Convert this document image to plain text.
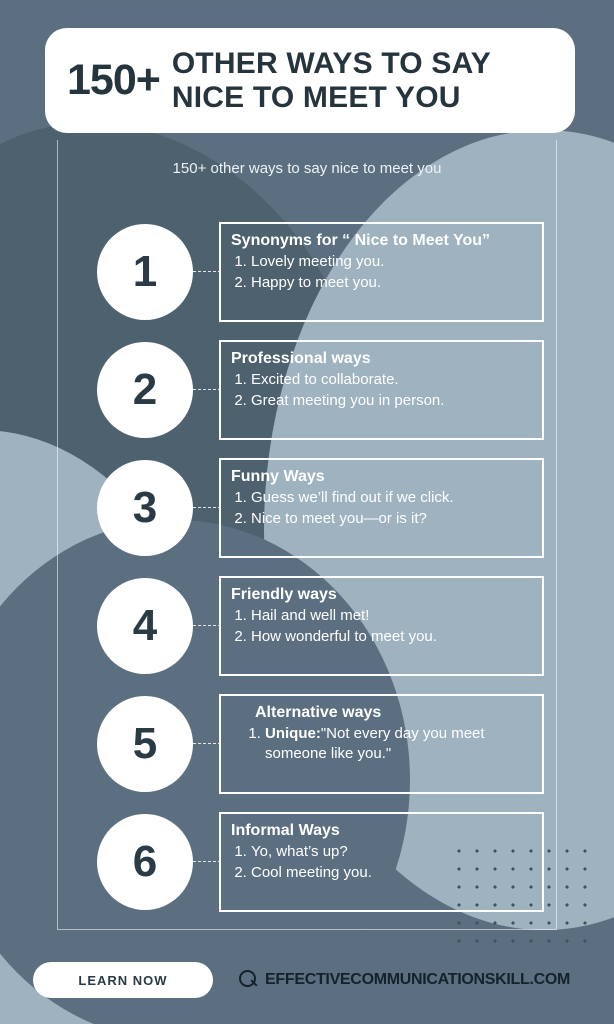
150+ OTHER WAYS TO SAY
NICE TO MEET YOU
150+ other ways to say nice to meet you
1
Synonyms for “ Nice to Meet You”
1. Lovely meeting you.
2. Happy to meet you.
2
Professional ways
1. Excited to collaborate.
2. Great meeting you in person.
3
Funny Ways
1. Guess we’ll find out if we click.
2. Nice to meet you—or is it?
4
Friendly ways
1. Hail and well met!
2. How wonderful to meet you.
5
Alternative ways
1. Unique:"Not every day you meet someone like you."
6
Informal Ways
1. Yo, what’s up?
2. Cool meeting you.
LEARN NOW	EFFECTIVECOMMUNICATIONSKILL.COM
